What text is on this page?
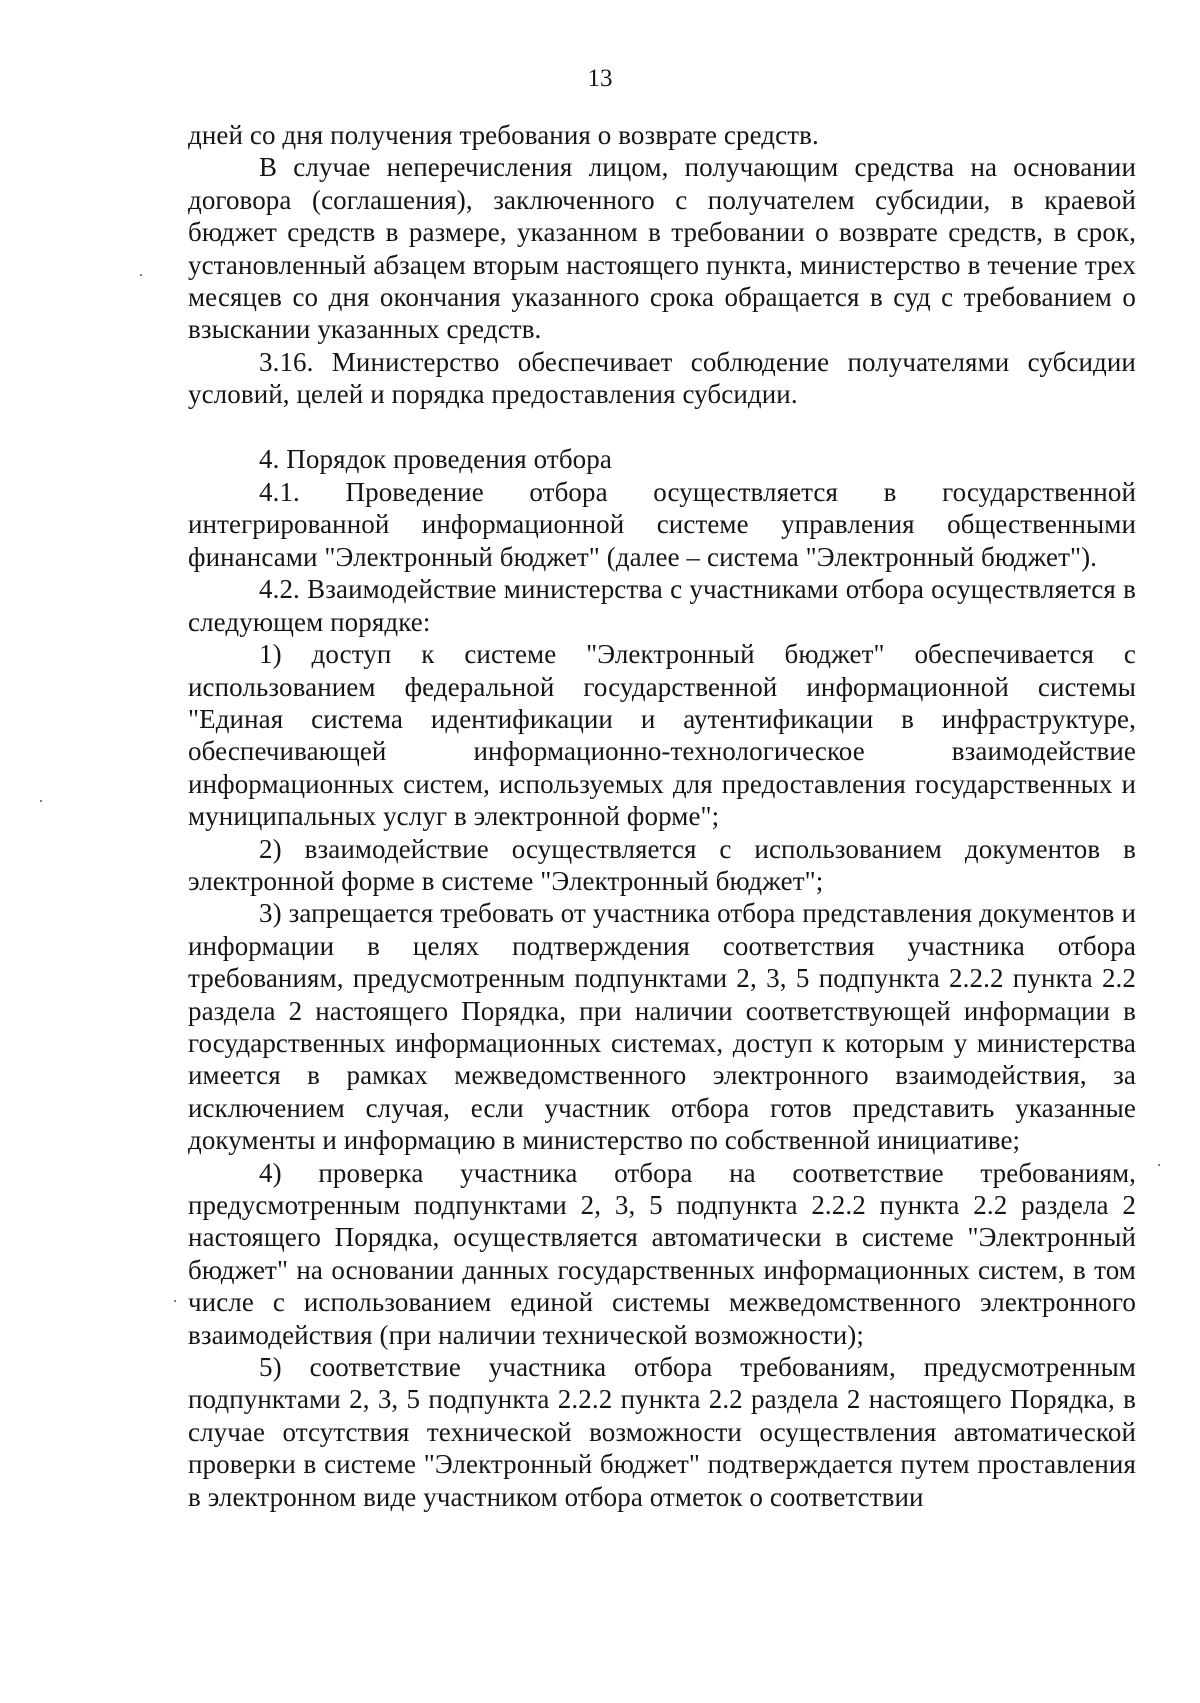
13

дней со дня получения требования о возврате средств.

В случае неперечисления лицом, получающим средства на основании договора (соглашения), заключенного с получателем субсидии, в краевой бюджет средств в размере, указанном в требовании о возврате средств, в срок, установленный абзацем вторым настоящего пункта, министерство в течение трех месяцев со дня окончания указанного срока обращается в суд с требованием о взыскании указанных средств.

3.16. Министерство обеспечивает соблюдение получателями субсидии условий, целей и порядка предоставления субсидии.

4. Порядок проведения отбора

4.1. Проведение отбора осуществляется в государственной интегрированной информационной системе управления общественными финансами "Электронный бюджет" (далее – система "Электронный бюджет").

4.2. Взаимодействие министерства с участниками отбора осуществляется в следующем порядке:

1) доступ к системе "Электронный бюджет" обеспечивается с использованием федеральной государственной информационной системы "Единая система идентификации и аутентификации в инфраструктуре, обеспечивающей информационно-технологическое взаимодействие информационных систем, используемых для предоставления государственных и муниципальных услуг в электронной форме";

2) взаимодействие осуществляется с использованием документов в электронной форме в системе "Электронный бюджет";

3) запрещается требовать от участника отбора представления документов и информации в целях подтверждения соответствия участника отбора требованиям, предусмотренным подпунктами 2, 3, 5 подпункта 2.2.2 пункта 2.2 раздела 2 настоящего Порядка, при наличии соответствующей информации в государственных информационных системах, доступ к которым у министерства имеется в рамках межведомственного электронного взаимодействия, за исключением случая, если участник отбора готов представить указанные документы и информацию в министерство по собственной инициативе;

4) проверка участника отбора на соответствие требованиям, предусмотренным подпунктами 2, 3, 5 подпункта 2.2.2 пункта 2.2 раздела 2 настоящего Порядка, осуществляется автоматически в системе "Электронный бюджет" на основании данных государственных информационных систем, в том числе с использованием единой системы межведомственного электронного взаимодействия (при наличии технической возможности);

5) соответствие участника отбора требованиям, предусмотренным подпунктами 2, 3, 5 подпункта 2.2.2 пункта 2.2 раздела 2 настоящего Порядка, в случае отсутствия технической возможности осуществления автоматической проверки в системе "Электронный бюджет" подтверждается путем проставления в электронном виде участником отбора отметок о соответствии
